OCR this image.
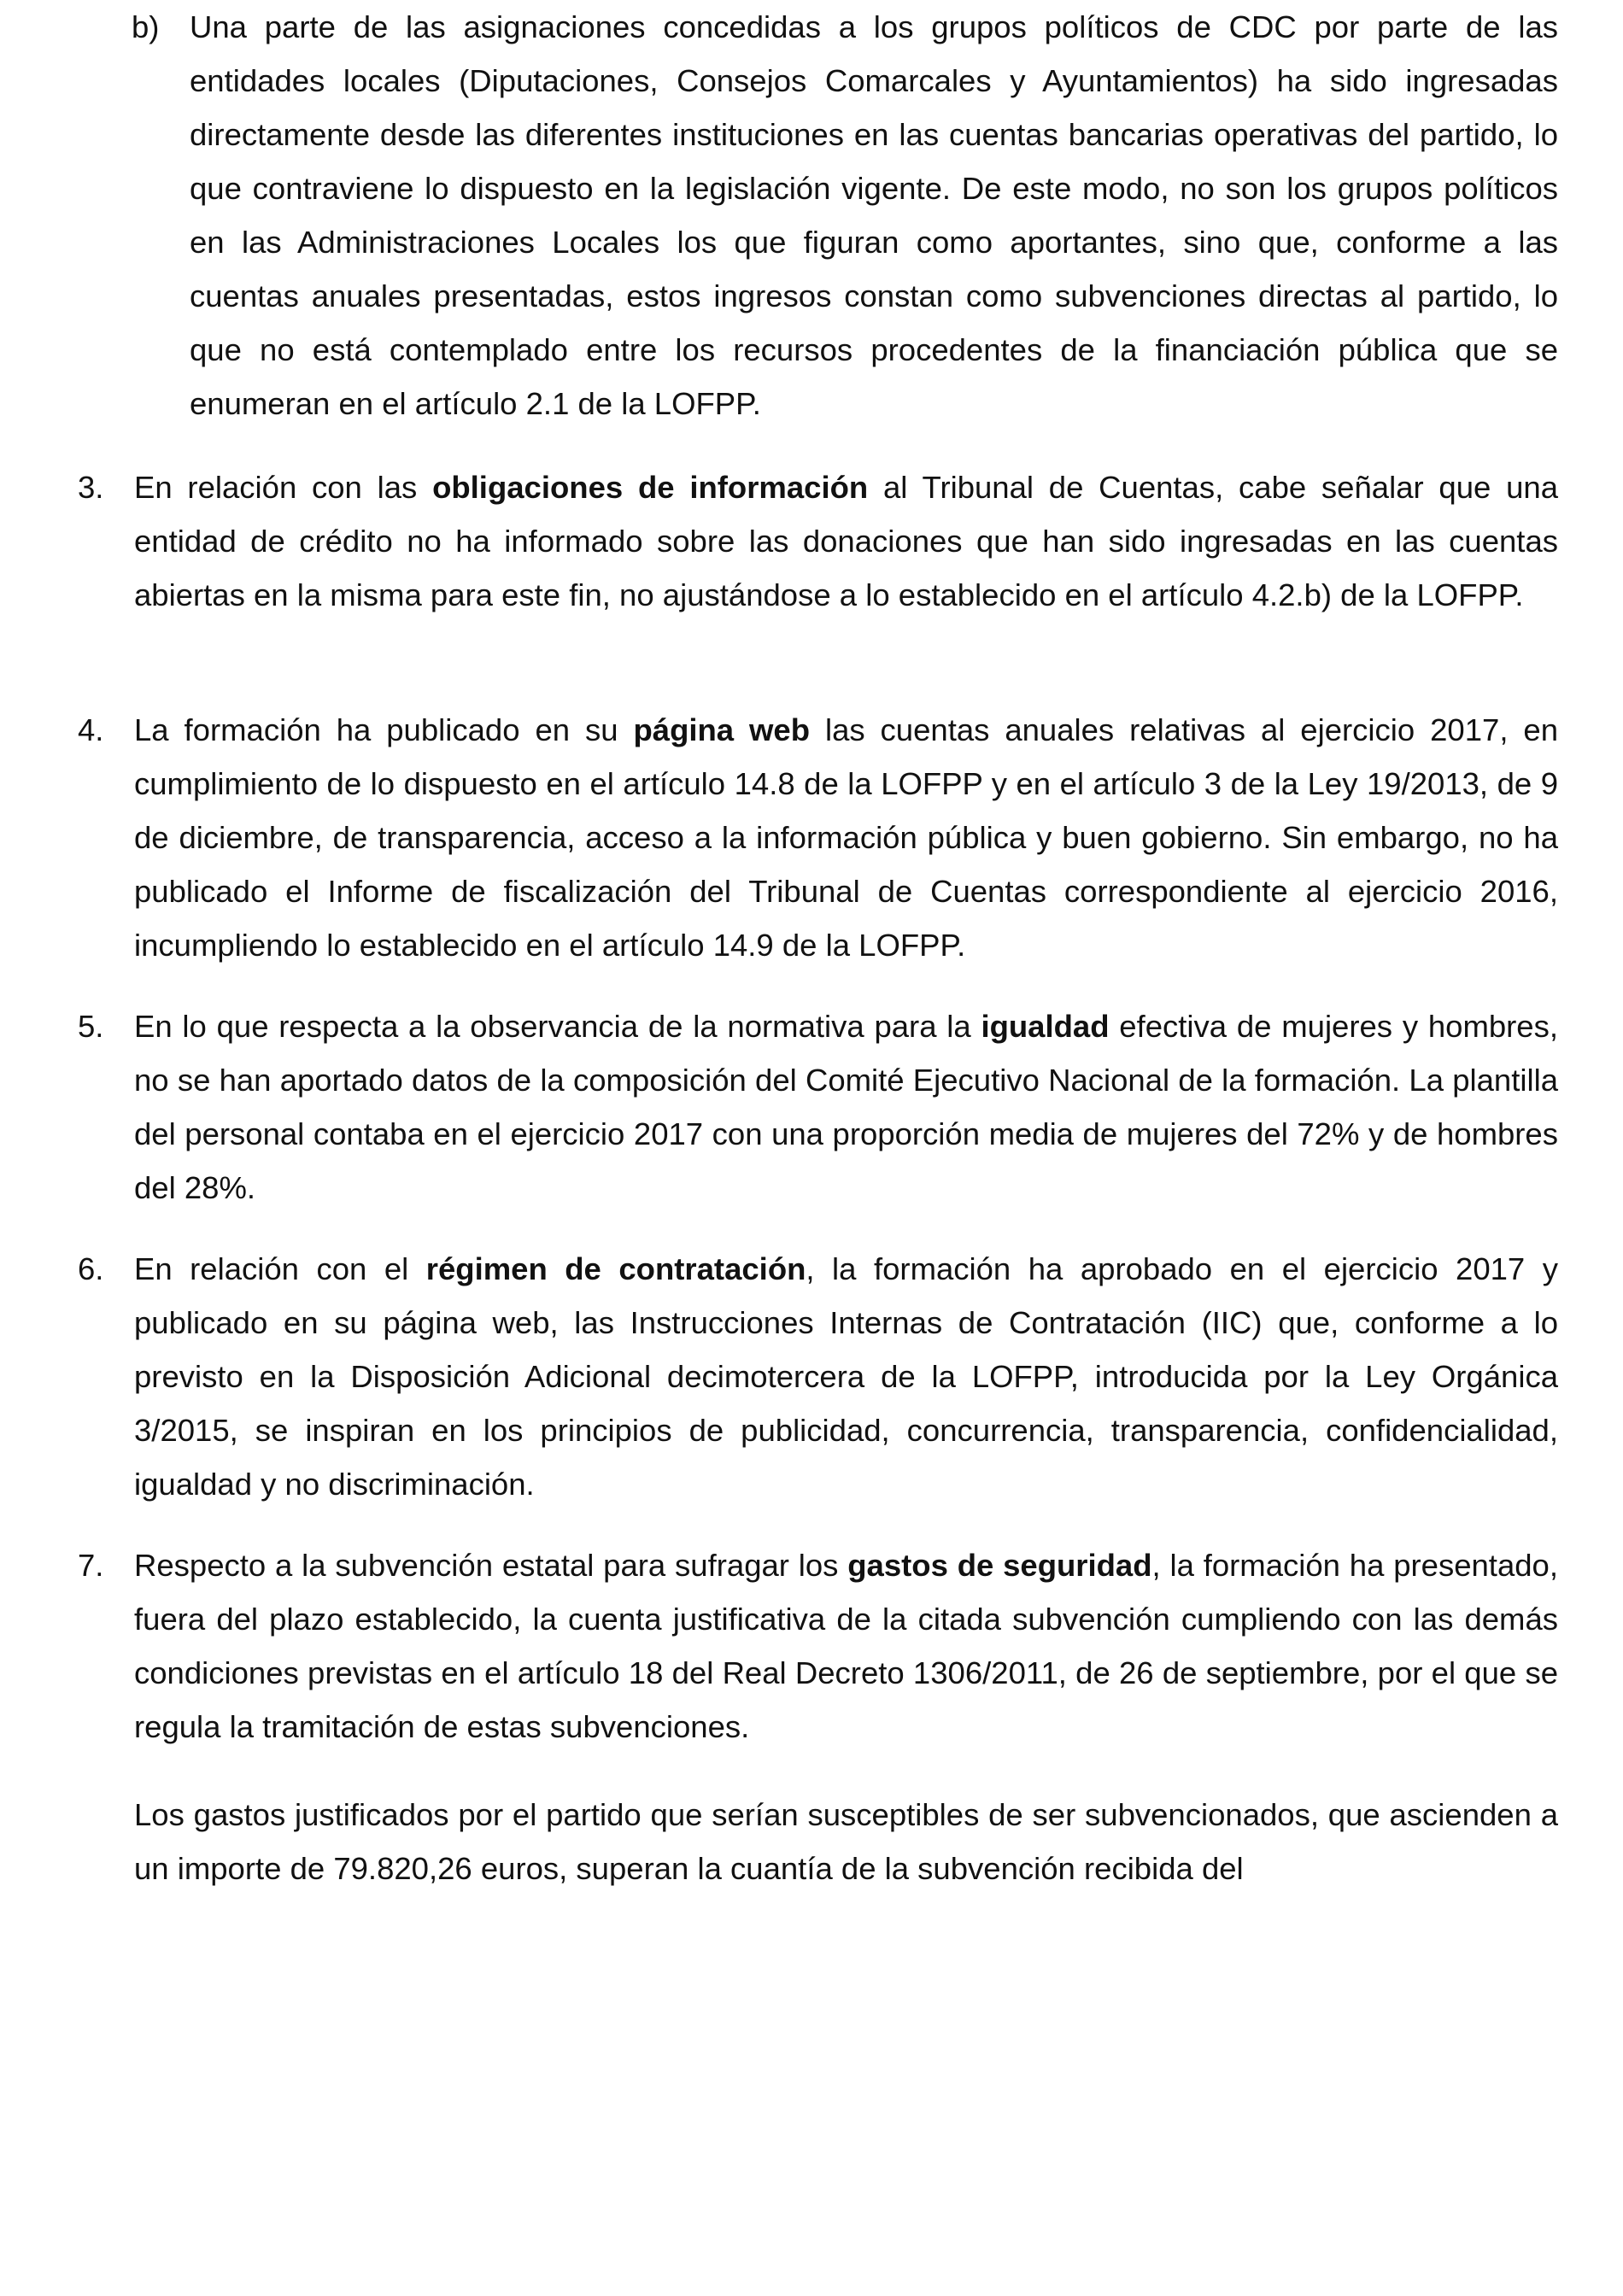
b) Una parte de las asignaciones concedidas a los grupos políticos de CDC por parte de las entidades locales (Diputaciones, Consejos Comarcales y Ayuntamientos) ha sido ingresadas directamente desde las diferentes instituciones en las cuentas bancarias operativas del partido, lo que contraviene lo dispuesto en la legislación vigente. De este modo, no son los grupos políticos en las Administraciones Locales los que figuran como aportantes, sino que, conforme a las cuentas anuales presentadas, estos ingresos constan como subvenciones directas al partido, lo que no está contemplado entre los recursos procedentes de la financiación pública que se enumeran en el artículo 2.1 de la LOFPP.

3. En relación con las obligaciones de información al Tribunal de Cuentas, cabe señalar que una entidad de crédito no ha informado sobre las donaciones que han sido ingresadas en las cuentas abiertas en la misma para este fin, no ajustándose a lo establecido en el artículo 4.2.b) de la LOFPP.

4. La formación ha publicado en su página web las cuentas anuales relativas al ejercicio 2017, en cumplimiento de lo dispuesto en el artículo 14.8 de la LOFPP y en el artículo 3 de la Ley 19/2013, de 9 de diciembre, de transparencia, acceso a la información pública y buen gobierno. Sin embargo, no ha publicado el Informe de fiscalización del Tribunal de Cuentas correspondiente al ejercicio 2016, incumpliendo lo establecido en el artículo 14.9 de la LOFPP.

5. En lo que respecta a la observancia de la normativa para la igualdad efectiva de mujeres y hombres, no se han aportado datos de la composición del Comité Ejecutivo Nacional de la formación. La plantilla del personal contaba en el ejercicio 2017 con una proporción media de mujeres del 72% y de hombres del 28%.

6. En relación con el régimen de contratación, la formación ha aprobado en el ejercicio 2017 y publicado en su página web, las Instrucciones Internas de Contratación (IIC) que, conforme a lo previsto en la Disposición Adicional decimotercera de la LOFPP, introducida por la Ley Orgánica 3/2015, se inspiran en los principios de publicidad, concurrencia, transparencia, confidencialidad, igualdad y no discriminación.

7. Respecto a la subvención estatal para sufragar los gastos de seguridad, la formación ha presentado, fuera del plazo establecido, la cuenta justificativa de la citada subvención cumpliendo con las demás condiciones previstas en el artículo 18 del Real Decreto 1306/2011, de 26 de septiembre, por el que se regula la tramitación de estas subvenciones.

Los gastos justificados por el partido que serían susceptibles de ser subvencionados, que ascienden a un importe de 79.820,26 euros, superan la cuantía de la subvención recibida del
